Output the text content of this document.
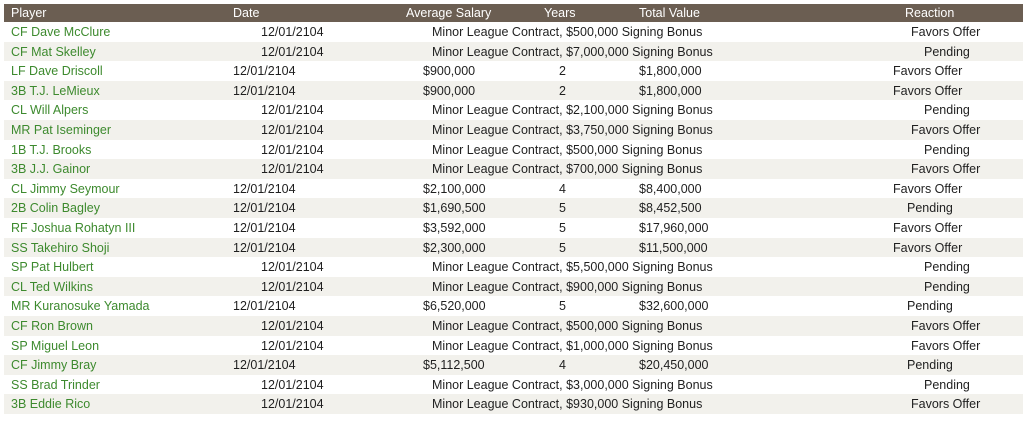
Player	Date	Average Salary	Years	Total Value	Reaction
CF Dave McClure	12/01/2104	Minor League Contract, $500,000 Signing Bonus	Favors Offer
CF Mat Skelley	12/01/2104	Minor League Contract, $7,000,000 Signing Bonus	Pending
LF Dave Driscoll	12/01/2104	$900,000	2	$1,800,000	Favors Offer
3B T.J. LeMieux	12/01/2104	$900,000	2	$1,800,000	Favors Offer
CL Will Alpers	12/01/2104	Minor League Contract, $2,100,000 Signing Bonus	Pending
MR Pat Iseminger	12/01/2104	Minor League Contract, $3,750,000 Signing Bonus	Favors Offer
1B T.J. Brooks	12/01/2104	Minor League Contract, $500,000 Signing Bonus	Pending
3B J.J. Gainor	12/01/2104	Minor League Contract, $700,000 Signing Bonus	Favors Offer
CL Jimmy Seymour	12/01/2104	$2,100,000	4	$8,400,000	Favors Offer
2B Colin Bagley	12/01/2104	$1,690,500	5	$8,452,500	Pending
RF Joshua Rohatyn III	12/01/2104	$3,592,000	5	$17,960,000	Favors Offer
SS Takehiro Shoji	12/01/2104	$2,300,000	5	$11,500,000	Favors Offer
SP Pat Hulbert	12/01/2104	Minor League Contract, $5,500,000 Signing Bonus	Pending
CL Ted Wilkins	12/01/2104	Minor League Contract, $900,000 Signing Bonus	Pending
MR Kuranosuke Yamada	12/01/2104	$6,520,000	5	$32,600,000	Pending
CF Ron Brown	12/01/2104	Minor League Contract, $500,000 Signing Bonus	Favors Offer
SP Miguel Leon	12/01/2104	Minor League Contract, $1,000,000 Signing Bonus	Favors Offer
CF Jimmy Bray	12/01/2104	$5,112,500	4	$20,450,000	Pending
SS Brad Trinder	12/01/2104	Minor League Contract, $3,000,000 Signing Bonus	Pending
3B Eddie Rico	12/01/2104	Minor League Contract, $930,000 Signing Bonus	Favors Offer
